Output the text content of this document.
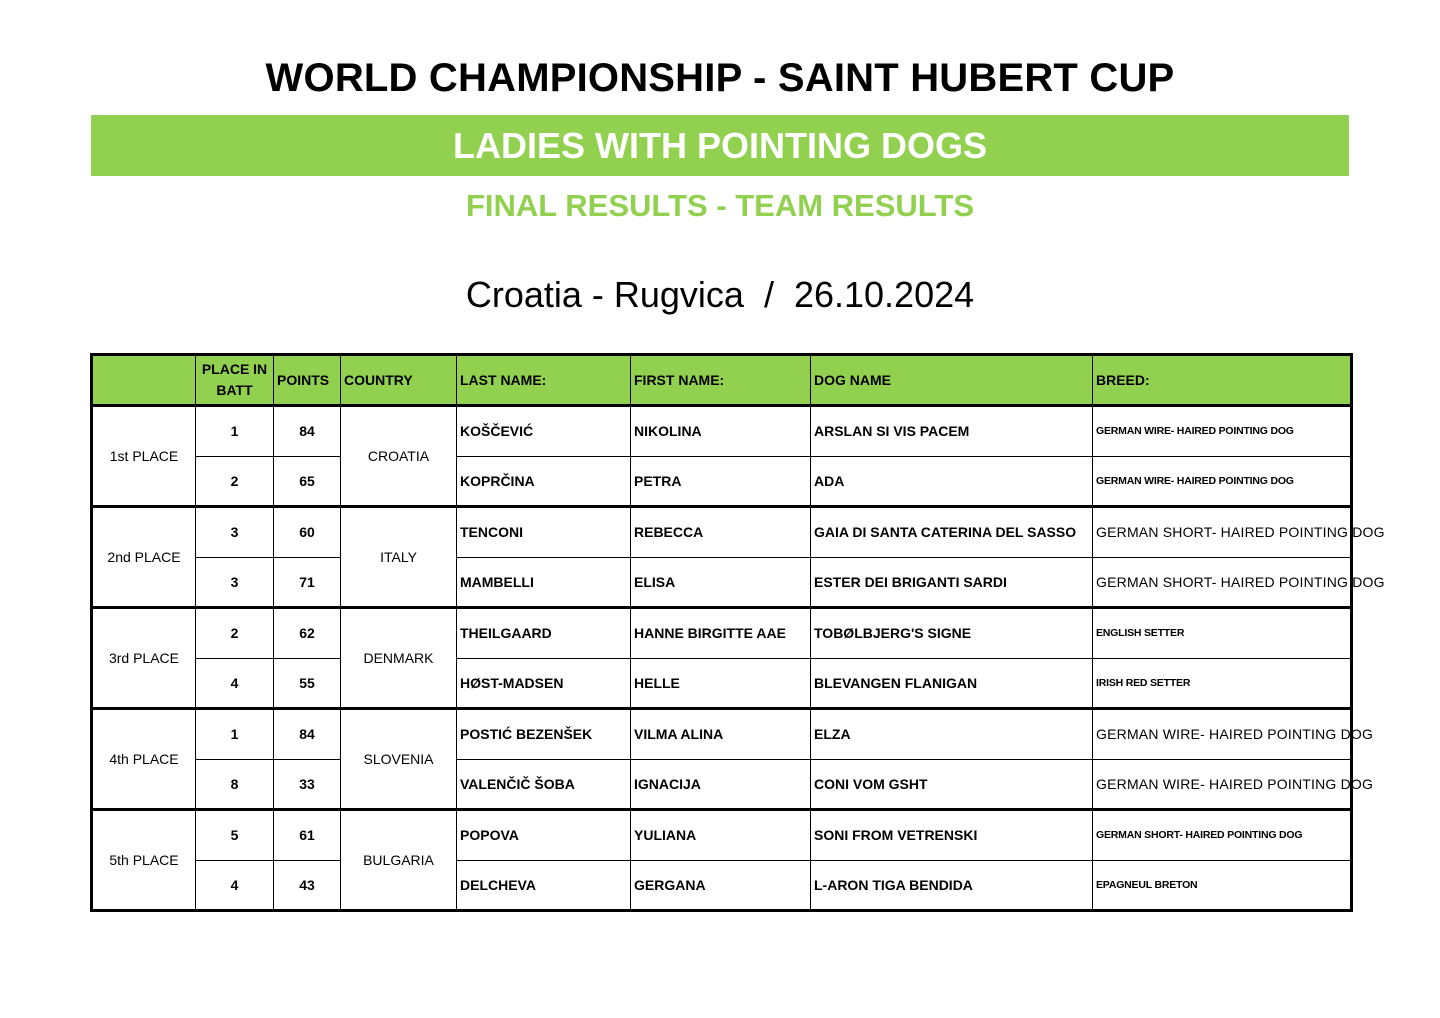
WORLD CHAMPIONSHIP - SAINT HUBERT CUP
LADIES WITH POINTING DOGS
FINAL RESULTS - TEAM RESULTS
Croatia - Rugvica  /  26.10.2024
	PLACE IN BATT	POINTS	COUNTRY	LAST NAME:	FIRST NAME:	DOG NAME	BREED:
1st PLACE	1	84	CROATIA	KOŠČEVIĆ	NIKOLINA	ARSLAN SI VIS PACEM	GERMAN WIRE- HAIRED POINTING DOG
	2	65		KOPRČINA	PETRA	ADA	GERMAN WIRE- HAIRED POINTING DOG
2nd PLACE	3	60	ITALY	TENCONI	REBECCA	GAIA DI SANTA CATERINA DEL SASSO	GERMAN SHORT- HAIRED POINTING DOG
	3	71		MAMBELLI	ELISA	ESTER DEI BRIGANTI SARDI	GERMAN SHORT- HAIRED POINTING DOG
3rd PLACE	2	62	DENMARK	THEILGAARD	HANNE BIRGITTE AAE	TOBØLBJERG'S SIGNE	ENGLISH SETTER
	4	55		HØST-MADSEN	HELLE	BLEVANGEN FLANIGAN	IRISH RED SETTER
4th PLACE	1	84	SLOVENIA	POSTIĆ BEZENŠEK	VILMA ALINA	ELZA	GERMAN WIRE- HAIRED POINTING DOG
	8	33		VALENČIČ ŠOBA	IGNACIJA	CONI VOM GSHT	GERMAN WIRE- HAIRED POINTING DOG
5th PLACE	5	61	BULGARIA	POPOVA	YULIANA	SONI FROM VETRENSKI	GERMAN SHORT- HAIRED POINTING DOG
	4	43		DELCHEVA	GERGANA	L-ARON TIGA BENDIDA	EPAGNEUL BRETON
